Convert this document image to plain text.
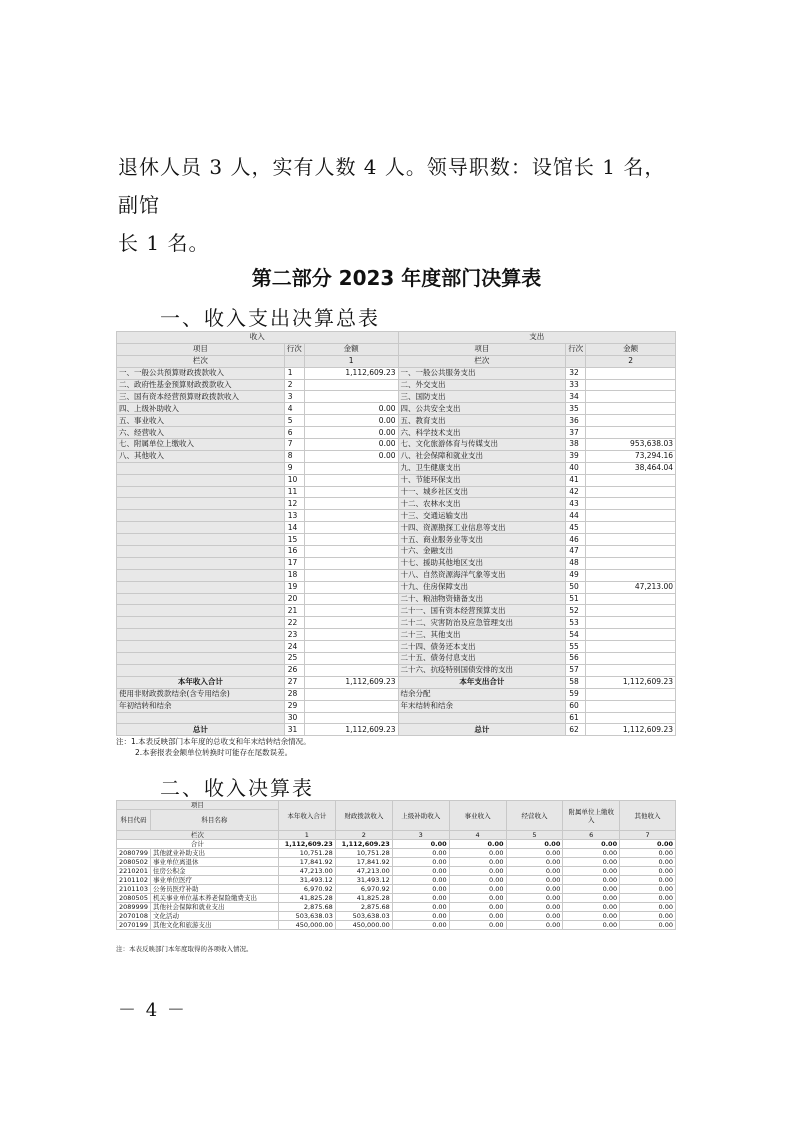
退休人员 3 人，实有人数 4 人。领导职数：设馆长 1 名，副馆
长 1 名。
第二部分 2023 年度部门决算表
一、收入支出决算总表
收入			支出		
项目	行次	金额	项目	行次	金额
栏次		1	栏次		2
一、一般公共预算财政拨款收入	1	1,112,609.23	一、一般公共服务支出	32	
二、政府性基金预算财政拨款收入	2		二、外交支出	33	
三、国有资本经营预算财政拨款收入	3		三、国防支出	34	
四、上级补助收入	4	0.00	四、公共安全支出	35	
五、事业收入	5	0.00	五、教育支出	36	
六、经营收入	6	0.00	六、科学技术支出	37	
七、附属单位上缴收入	7	0.00	七、文化旅游体育与传媒支出	38	953,638.03
八、其他收入	8	0.00	八、社会保障和就业支出	39	73,294.16
	9		九、卫生健康支出	40	38,464.04
	10		十、节能环保支出	41	
	11		十一、城乡社区支出	42	
	12		十二、农林水支出	43	
	13		十三、交通运输支出	44	
	14		十四、资源勘探工业信息等支出	45	
	15		十五、商业服务业等支出	46	
	16		十六、金融支出	47	
	17		十七、援助其他地区支出	48	
	18		十八、自然资源海洋气象等支出	49	
	19		十九、住房保障支出	50	47,213.00
	20		二十、粮油物资储备支出	51	
	21		二十一、国有资本经营预算支出	52	
	22		二十二、灾害防治及应急管理支出	53	
	23		二十三、其他支出	54	
	24		二十四、债务还本支出	55	
	25		二十五、债务付息支出	56	
	26		二十六、抗疫特别国债安排的支出	57	
本年收入合计	27	1,112,609.23	本年支出合计	58	1,112,609.23
使用非财政拨款结余(含专用结余)	28		结余分配	59	
年初结转和结余	29		年末结转和结余	60	
	30			61	
总计	31	1,112,609.23	总计	62	1,112,609.23
注：1.本表反映部门本年度的总收支和年末结转结余情况。
2.本套报表金额单位转换时可能存在尾数误差。
二、收入决算表
项目		本年收入合计	财政拨款收入	上级补助收入	事业收入	经营收入	附属单位上缴收入	其他收入
科目代码	科目名称							
栏次		1	2	3	4	5	6	7
合计		1,112,609.23	1,112,609.23	0.00	0.00	0.00	0.00	0.00
2080799	其他就业补助支出	10,751.28	10,751.28	0.00	0.00	0.00	0.00	0.00
2080502	事业单位离退休	17,841.92	17,841.92	0.00	0.00	0.00	0.00	0.00
2210201	住房公积金	47,213.00	47,213.00	0.00	0.00	0.00	0.00	0.00
2101102	事业单位医疗	31,493.12	31,493.12	0.00	0.00	0.00	0.00	0.00
2101103	公务员医疗补助	6,970.92	6,970.92	0.00	0.00	0.00	0.00	0.00
2080505	机关事业单位基本养老保险缴费支出	41,825.28	41,825.28	0.00	0.00	0.00	0.00	0.00
2089999	其他社会保障和就业支出	2,875.68	2,875.68	0.00	0.00	0.00	0.00	0.00
2070108	文化活动	503,638.03	503,638.03	0.00	0.00	0.00	0.00	0.00
2070199	其他文化和旅游支出	450,000.00	450,000.00	0.00	0.00	0.00	0.00	0.00
注：本表反映部门本年度取得的各项收入情况。
－ 4 －
